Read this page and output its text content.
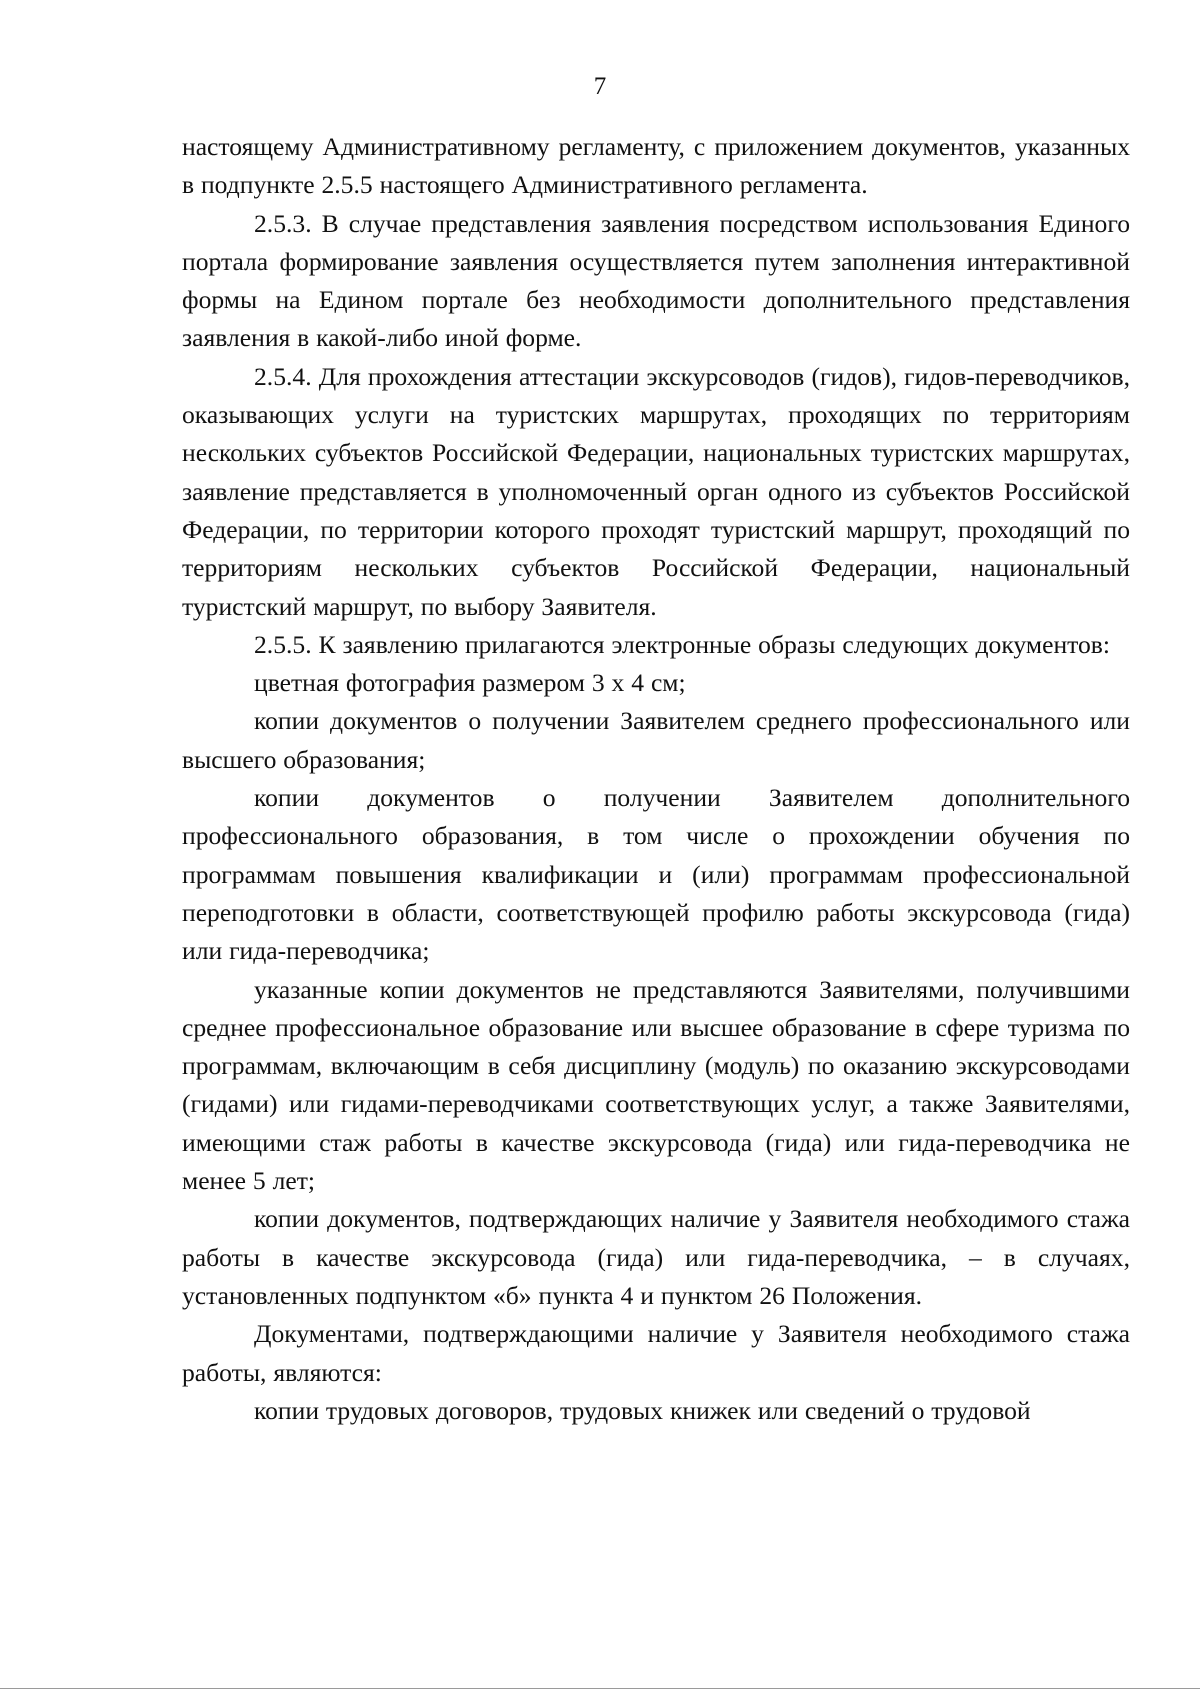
7

настоящему Административному регламенту, с приложением документов, указанных в подпункте 2.5.5 настоящего Административного регламента.

2.5.3. В случае представления заявления посредством использования Единого портала формирование заявления осуществляется путем заполнения интерактивной формы на Едином портале без необходимости дополнительного представления заявления в какой-либо иной форме.

2.5.4. Для прохождения аттестации экскурсоводов (гидов), гидов-переводчиков, оказывающих услуги на туристских маршрутах, проходящих по территориям нескольких субъектов Российской Федерации, национальных туристских маршрутах, заявление представляется в уполномоченный орган одного из субъектов Российской Федерации, по территории которого проходят туристский маршрут, проходящий по территориям нескольких субъектов Российской Федерации, национальный туристский маршрут, по выбору Заявителя.

2.5.5. К заявлению прилагаются электронные образы следующих документов:

цветная фотография размером 3 х 4 см;

копии документов о получении Заявителем среднего профессионального или высшего образования;

копии документов о получении Заявителем дополнительного профессионального образования, в том числе о прохождении обучения по программам повышения квалификации и (или) программам профессиональной переподготовки в области, соответствующей профилю работы экскурсовода (гида) или гида-переводчика;

указанные копии документов не представляются Заявителями, получившими среднее профессиональное образование или высшее образование в сфере туризма по программам, включающим в себя дисциплину (модуль) по оказанию экскурсоводами (гидами) или гидами-переводчиками соответствующих услуг, а также Заявителями, имеющими стаж работы в качестве экскурсовода (гида) или гида-переводчика не менее 5 лет;

копии документов, подтверждающих наличие у Заявителя необходимого стажа работы в качестве экскурсовода (гида) или гида-переводчика, – в случаях, установленных подпунктом «б» пункта 4 и пунктом 26 Положения.

Документами, подтверждающими наличие у Заявителя необходимого стажа работы, являются:

копии трудовых договоров, трудовых книжек или сведений о трудовой
